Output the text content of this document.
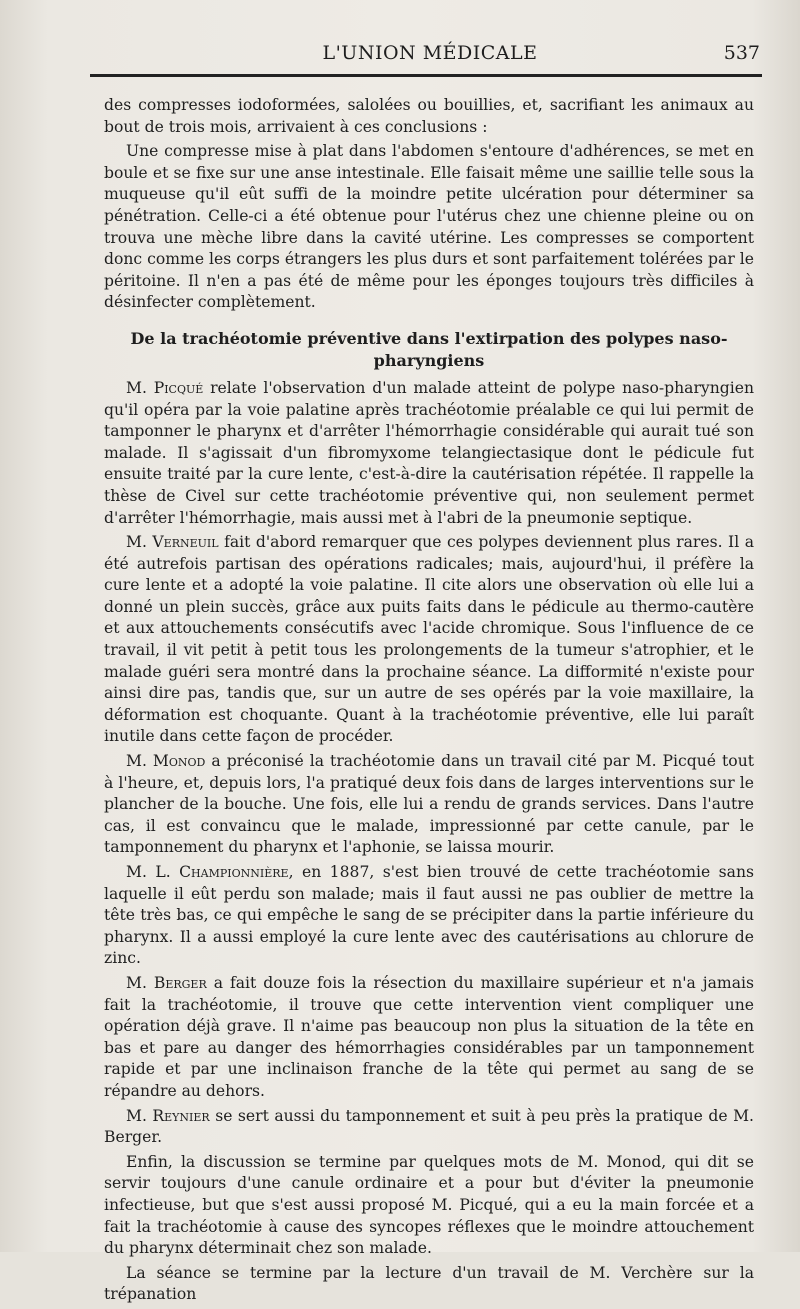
L'UNION MÉDICALE	537

des compresses iodoformées, salolées ou bouillies, et, sacrifiant les animaux au bout de trois mois, arrivaient à ces conclusions :

Une compresse mise à plat dans l'abdomen s'entoure d'adhérences, se met en boule et se fixe sur une anse intestinale. Elle faisait même une saillie telle sous la muqueuse qu'il eût suffi de la moindre petite ulcération pour déterminer sa pénétration. Celle-ci a été obtenue pour l'utérus chez une chienne pleine ou on trouva une mèche libre dans la cavité utérine. Les compresses se comportent donc comme les corps étrangers les plus durs et sont parfaitement tolérées par le péritoine. Il n'en a pas été de même pour les éponges toujours très difficiles à désinfecter complètement.

De la trachéotomie préventive dans l'extirpation des polypes naso-pharyngiens

M. Picqué relate l'observation d'un malade atteint de polype naso-pharyngien qu'il opéra par la voie palatine après trachéotomie préalable ce qui lui permit de tamponner le pharynx et d'arrêter l'hémorrhagie considérable qui aurait tué son malade. Il s'agissait d'un fibromyxome telangiectasique dont le pédicule fut ensuite traité par la cure lente, c'est-à-dire la cautérisation répétée. Il rappelle la thèse de Civel sur cette trachéotomie préventive qui, non seulement permet d'arrêter l'hémorrhagie, mais aussi met à l'abri de la pneumonie septique.

M. Verneuil fait d'abord remarquer que ces polypes deviennent plus rares. Il a été autrefois partisan des opérations radicales; mais, aujourd'hui, il préfère la cure lente et a adopté la voie palatine. Il cite alors une observation où elle lui a donné un plein succès, grâce aux puits faits dans le pédicule au thermo-cautère et aux attouchements consécutifs avec l'acide chromique. Sous l'influence de ce travail, il vit petit à petit tous les prolongements de la tumeur s'atrophier, et le malade guéri sera montré dans la prochaine séance. La difformité n'existe pour ainsi dire pas, tandis que, sur un autre de ses opérés par la voie maxillaire, la déformation est choquante. Quant à la trachéotomie préventive, elle lui paraît inutile dans cette façon de procéder.

M. Monod a préconisé la trachéotomie dans un travail cité par M. Picqué tout à l'heure, et, depuis lors, l'a pratiqué deux fois dans de larges interventions sur le plancher de la bouche. Une fois, elle lui a rendu de grands services. Dans l'autre cas, il est convaincu que le malade, impressionné par cette canule, par le tamponnement du pharynx et l'aphonie, se laissa mourir.

M. L. Championnière, en 1887, s'est bien trouvé de cette trachéotomie sans laquelle il eût perdu son malade; mais il faut aussi ne pas oublier de mettre la tête très bas, ce qui empêche le sang de se précipiter dans la partie inférieure du pharynx. Il a aussi employé la cure lente avec des cautérisations au chlorure de zinc.

M. Berger a fait douze fois la résection du maxillaire supérieur et n'a jamais fait la trachéotomie, il trouve que cette intervention vient compliquer une opération déjà grave. Il n'aime pas beaucoup non plus la situation de la tête en bas et pare au danger des hémorrhagies considérables par un tamponnement rapide et par une inclinaison franche de la tête qui permet au sang de se répandre au dehors.

M. Reynier se sert aussi du tamponnement et suit à peu près la pratique de M. Berger.

Enfin, la discussion se termine par quelques mots de M. Monod, qui dit se servir toujours d'une canule ordinaire et a pour but d'éviter la pneumonie infectieuse, but que s'est aussi proposé M. Picqué, qui a eu la main forcée et a fait la trachéotomie à cause des syncopes réflexes que le moindre attouchement du pharynx déterminait chez son malade.

La séance se termine par la lecture d'un travail de M. Verchère sur la trépanation
